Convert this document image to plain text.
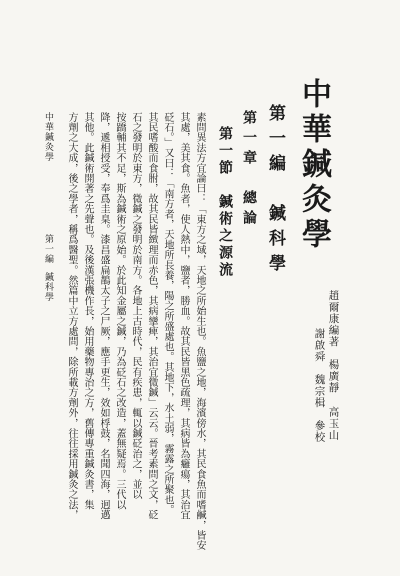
中華鍼灸學
趙爾康編著　楊廣靜 高玉山
謝啟舜　魏宗楫　參校
第一編　鍼科學
第一章　總論
第一節　鍼術之源流
素問異法方宜論曰：「東方之域，天地之所始生也。魚鹽之地，海濱傍水，其民食魚而嗜鹹，皆安
其處，美其食。魚者，使人熱中，鹽者，勝血。故其民皆黑色疏理，其病皆為癰瘍，其治宜
砭石。」又曰：「南方者，天地所長養，陽之所盛處也。其地下，水土弱，霧露之所聚也。
其民嗜酸而食胕，故其民皆緻理而赤色，其病攣痺，其治宜微鍼」云云。晉考素問之文，砭
石之發明於東方，微鍼之發明於南方。各地上古時代，民有疾患，輒以鍼砭治之，並以
按蹻輔其不足，斯為鍼術之原始。於此知金屬之鍼，乃為砭石之改造，蓋無疑焉。三代以
降，遞相授受，奉爲圭臬。漆昌盛扁鵲太子之尸厥，應手更生，效如桴鼓，名聞四海，迥邁
其他。此鍼術開著之先聲也。及後漢張機作長，始用藥物專治之方，舊傳專重鍼灸書，集
方劑之大成，後之學者，稱爲醫聖。然篇中立方處問，除所載方劑外，往往採用鍼灸之法，
中華鍼灸學
第一編
鍼科學
